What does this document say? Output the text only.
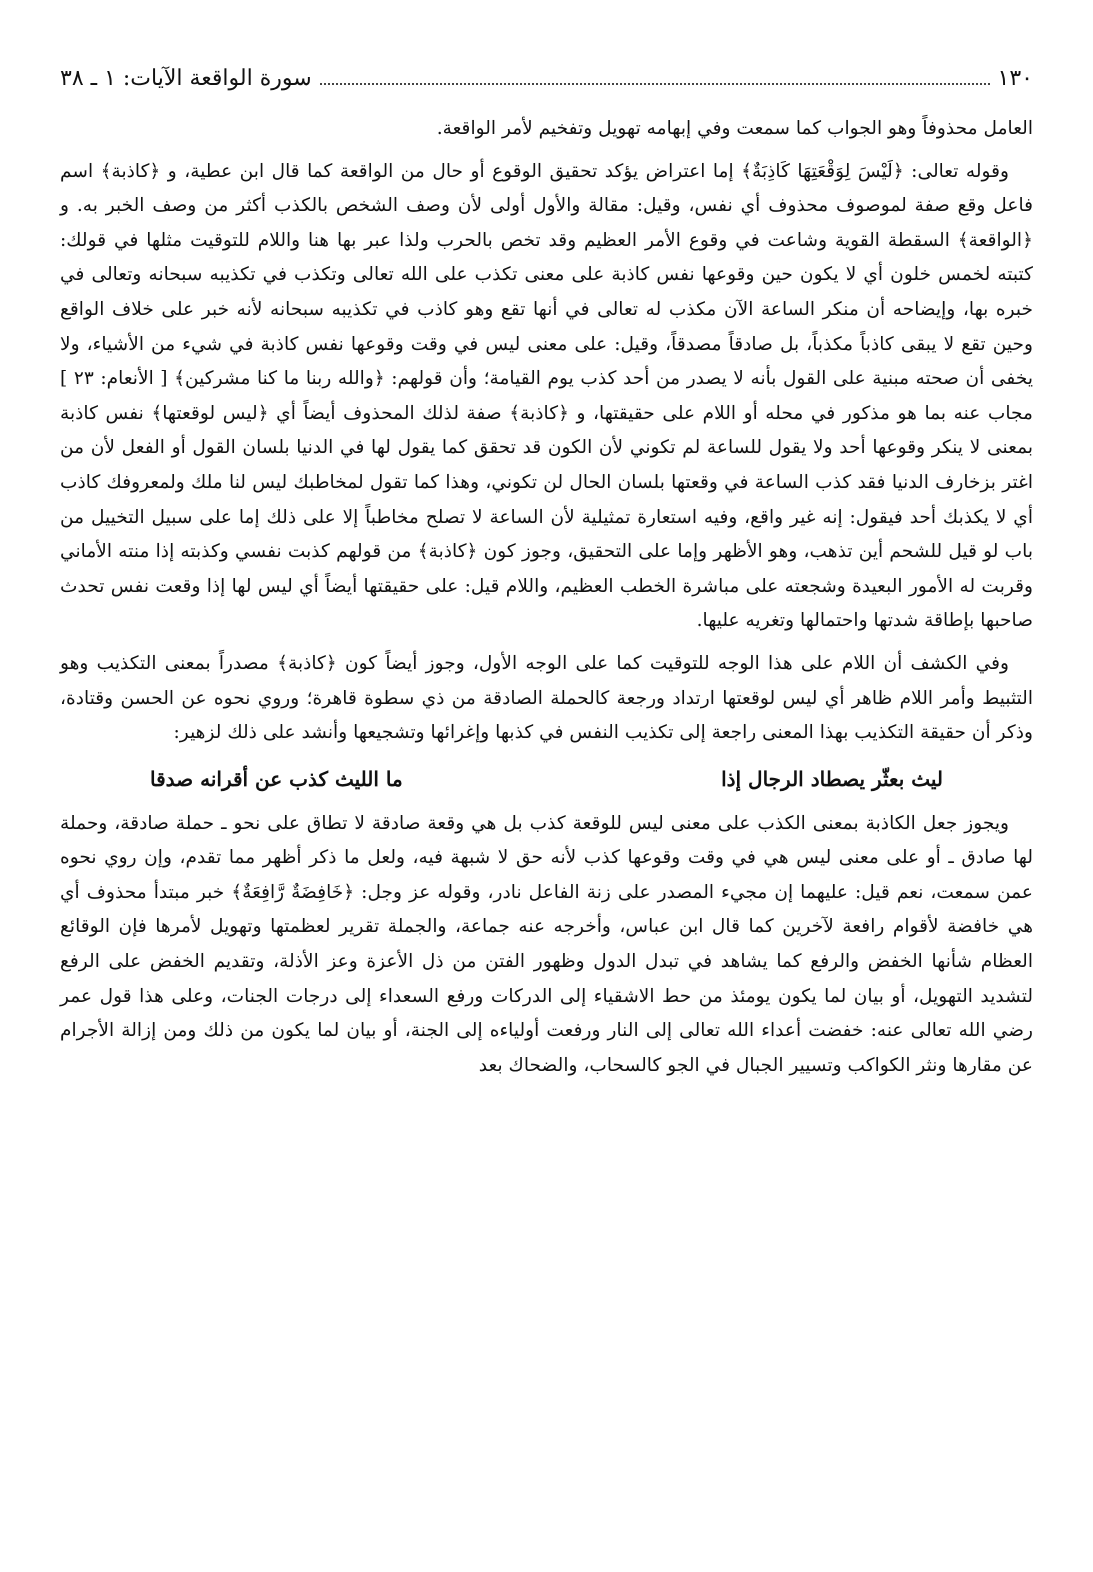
١٣٠
سورة الواقعة الآيات: ١ ـ ٣٨

العامل محذوفاً وهو الجواب كما سمعت وفي إبهامه تهويل وتفخيم لأمر الواقعة.

وقوله تعالى: ﴿لَيْسَ لِوَقْعَتِهَا كَاذِبَةٌ﴾ إما اعتراض يؤكد تحقيق الوقوع أو حال من الواقعة كما قال ابن عطية، و ﴿كاذبة﴾ اسم فاعل وقع صفة لموصوف محذوف أي نفس، وقيل: مقالة والأول أولى لأن وصف الشخص بالكذب أكثر من وصف الخبر به. و ﴿الواقعة﴾ السقطة القوية وشاعت في وقوع الأمر العظيم وقد تخص بالحرب ولذا عبر بها هنا واللام للتوقيت مثلها في قولك: كتبته لخمس خلون أي لا يكون حين وقوعها نفس كاذبة على معنى تكذب على الله تعالى وتكذب في تكذيبه سبحانه وتعالى في خبره بها، وإيضاحه أن منكر الساعة الآن مكذب له تعالى في أنها تقع وهو كاذب في تكذيبه سبحانه لأنه خبر على خلاف الواقع وحين تقع لا يبقى كاذباً مكذباً، بل صادقاً مصدقاً، وقيل: على معنى ليس في وقت وقوعها نفس كاذبة في شيء من الأشياء، ولا يخفى أن صحته مبنية على القول بأنه لا يصدر من أحد كذب يوم القيامة؛ وأن قولهم: ﴿والله ربنا ما كنا مشركين﴾ [ الأنعام: ٢٣ ] مجاب عنه بما هو مذكور في محله أو اللام على حقيقتها، و ﴿كاذبة﴾ صفة لذلك المحذوف أيضاً أي ﴿ليس لوقعتها﴾ نفس كاذبة بمعنى لا ينكر وقوعها أحد ولا يقول للساعة لم تكوني لأن الكون قد تحقق كما يقول لها في الدنيا بلسان القول أو الفعل لأن من اغتر بزخارف الدنيا فقد كذب الساعة في وقعتها بلسان الحال لن تكوني، وهذا كما تقول لمخاطبك ليس لنا ملك ولمعروفك كاذب أي لا يكذبك أحد فيقول: إنه غير واقع، وفيه استعارة تمثيلية لأن الساعة لا تصلح مخاطباً إلا على ذلك إما على سبيل التخييل من باب لو قيل للشحم أين تذهب، وهو الأظهر وإما على التحقيق، وجوز كون ﴿كاذبة﴾ من قولهم كذبت نفسي وكذبته إذا منته الأماني وقربت له الأمور البعيدة وشجعته على مباشرة الخطب العظيم، واللام قيل: على حقيقتها أيضاً أي ليس لها إذا وقعت نفس تحدث صاحبها بإطاقة شدتها واحتمالها وتغريه عليها.

وفي الكشف أن اللام على هذا الوجه للتوقيت كما على الوجه الأول، وجوز أيضاً كون ﴿كاذبة﴾ مصدراً بمعنى التكذيب وهو التثبيط وأمر اللام ظاهر أي ليس لوقعتها ارتداد ورجعة كالحملة الصادقة من ذي سطوة قاهرة؛ وروي نحوه عن الحسن وقتادة، وذكر أن حقيقة التكذيب بهذا المعنى راجعة إلى تكذيب النفس في كذبها وإغرائها وتشجيعها وأنشد على ذلك لزهير:

ليث بعثّر يصطاد الرجال إذا
ما الليث كذب عن أقرانه صدقا

ويجوز جعل الكاذبة بمعنى الكذب على معنى ليس للوقعة كذب بل هي وقعة صادقة لا تطاق على نحو ـ حملة صادقة، وحملة لها صادق ـ أو على معنى ليس هي في وقت وقوعها كذب لأنه حق لا شبهة فيه، ولعل ما ذكر أظهر مما تقدم، وإن روي نحوه عمن سمعت، نعم قيل: عليهما إن مجيء المصدر على زنة الفاعل نادر، وقوله عز وجل: ﴿خَافِضَةٌ رَّافِعَةٌ﴾ خبر مبتدأ محذوف أي هي خافضة لأقوام رافعة لآخرين كما قال ابن عباس، وأخرجه عنه جماعة، والجملة تقرير لعظمتها وتهويل لأمرها فإن الوقائع العظام شأنها الخفض والرفع كما يشاهد في تبدل الدول وظهور الفتن من ذل الأعزة وعز الأذلة، وتقديم الخفض على الرفع لتشديد التهويل، أو بيان لما يكون يومئذ من حط الاشقياء إلى الدركات ورفع السعداء إلى درجات الجنات، وعلى هذا قول عمر رضي الله تعالى عنه: خفضت أعداء الله تعالى إلى النار ورفعت أولياءه إلى الجنة، أو بيان لما يكون من ذلك ومن إزالة الأجرام عن مقارها ونثر الكواكب وتسيير الجبال في الجو كالسحاب، والضحاك بعد
